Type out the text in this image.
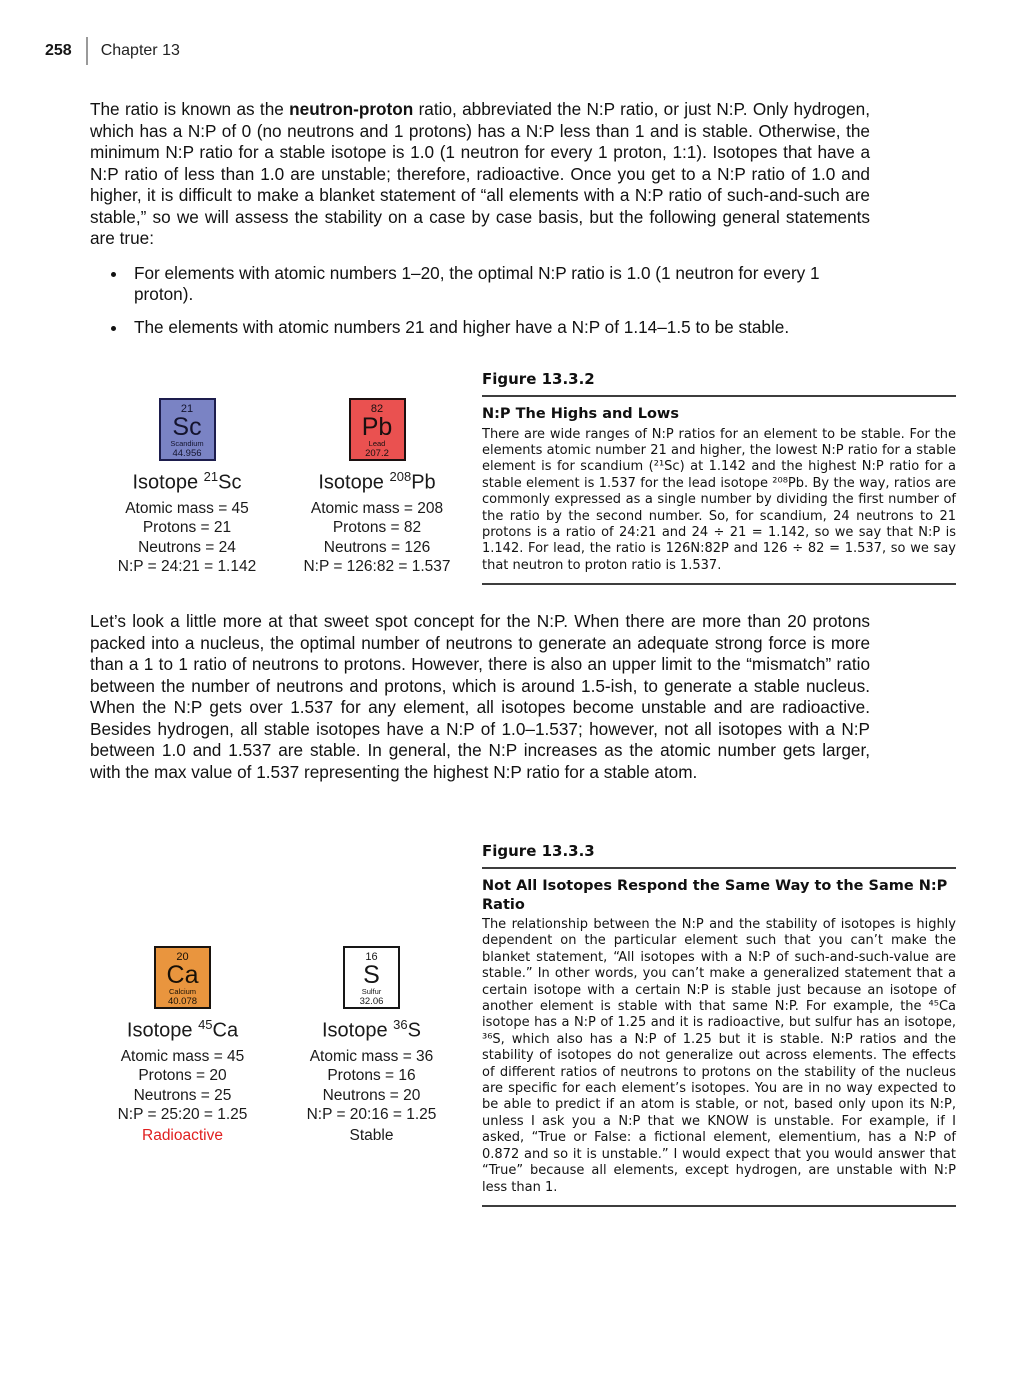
258 Chapter 13

The ratio is known as the neutron-proton ratio, abbreviated the N:P ratio, or just N:P. Only hydrogen, which has a N:P of 0 (no neutrons and 1 protons) has a N:P less than 1 and is stable. Otherwise, the minimum N:P ratio for a stable isotope is 1.0 (1 neutron for every 1 proton, 1:1). Isotopes that have a N:P ratio of less than 1.0 are unstable; therefore, radioactive. Once you get to a N:P ratio of 1.0 and higher, it is difficult to make a blanket statement of “all elements with a N:P ratio of such-and-such are stable,” so we will assess the stability on a case by case basis, but the following general statements are true:

• For elements with atomic numbers 1–20, the optimal N:P ratio is 1.0 (1 neutron for every 1 proton).
• The elements with atomic numbers 21 and higher have a N:P of 1.14–1.5 to be stable.
21
Sc
Scandium
44.956
Isotope $^{21}$Sc
Atomic mass = 45
Protons = 21
Neutrons = 24
N:P = 24:21 = 1.142
82
Pb
Lead
207.2
Isotope $^{208}$Pb
Atomic mass = 208
Protons = 82
Neutrons = 126
N:P = 126:82 = 1.537
Figure 13.3.2
N:P The Highs and Lows
There are wide ranges of N:P ratios for an element to be stable. For the elements atomic number 21 and higher, the lowest N:P ratio for a stable element is for scandium (²¹Sc) at 1.142 and the highest N:P ratio for a stable element is 1.537 for the lead isotope ²⁰⁸Pb. By the way, ratios are commonly expressed as a single number by dividing the first number of the ratio by the second number. So, for scandium, 24 neutrons to 21 protons is a ratio of 24:21 and 24 ÷ 21 = 1.142, so we say that N:P is 1.142. For lead, the ratio is 126N:82P and 126 ÷ 82 = 1.537, so we say that neutron to proton ratio is 1.537.

Let’s look a little more at that sweet spot concept for the N:P. When there are more than 20 protons packed into a nucleus, the optimal number of neutrons to generate an adequate strong force is more than a 1 to 1 ratio of neutrons to protons. However, there is also an upper limit to the “mismatch” ratio between the number of neutrons and protons, which is around 1.5-ish, to generate a stable nucleus. When the N:P gets over 1.537 for any element, all isotopes become unstable and are radioactive. Besides hydrogen, all stable isotopes have a N:P of 1.0–1.537; however, not all isotopes with a N:P between 1.0 and 1.537 are stable. In general, the N:P increases as the atomic number gets larger, with the max value of 1.537 representing the highest N:P ratio for a stable atom.

Figure 13.3.3
Not All Isotopes Respond the Same Way to the Same N:P Ratio
The relationship between the N:P and the stability of isotopes is highly dependent on the particular element such that you can’t make the blanket statement, “All isotopes with a N:P of such-and-such-value are stable.” In other words, you can’t make a generalized statement that a certain isotope with a certain N:P is stable just because an isotope of another element is stable with that same N:P. For example, the ⁴⁵Ca isotope has a N:P of 1.25 and it is radioactive, but sulfur has an isotope, ³⁶S, which also has a N:P of 1.25 but it is stable. N:P ratios and the stability of isotopes do not generalize out across elements. The effects of different ratios of neutrons to protons on the stability of the nucleus are specific for each element’s isotopes. You are in no way expected to be able to predict if an atom is stable, or not, based only upon its N:P, unless I ask you a N:P that we KNOW is unstable. For example, if I asked, “True or False: a fictional element, elementium, has a N:P of 0.872 and so it is unstable.” I would expect that you would answer that “True” because all elements, except hydrogen, are unstable with N:P less than 1.
20
Ca
Calcium
40.078
Isotope $^{45}$Ca
Atomic mass = 45
Protons = 20
Neutrons = 25
N:P = 25:20 = 1.25
Radioactive
16
S
Sulfur
32.06
Isotope $^{36}$S
Atomic mass = 36
Protons = 16
Neutrons = 20
N:P = 20:16 = 1.25
Stable
